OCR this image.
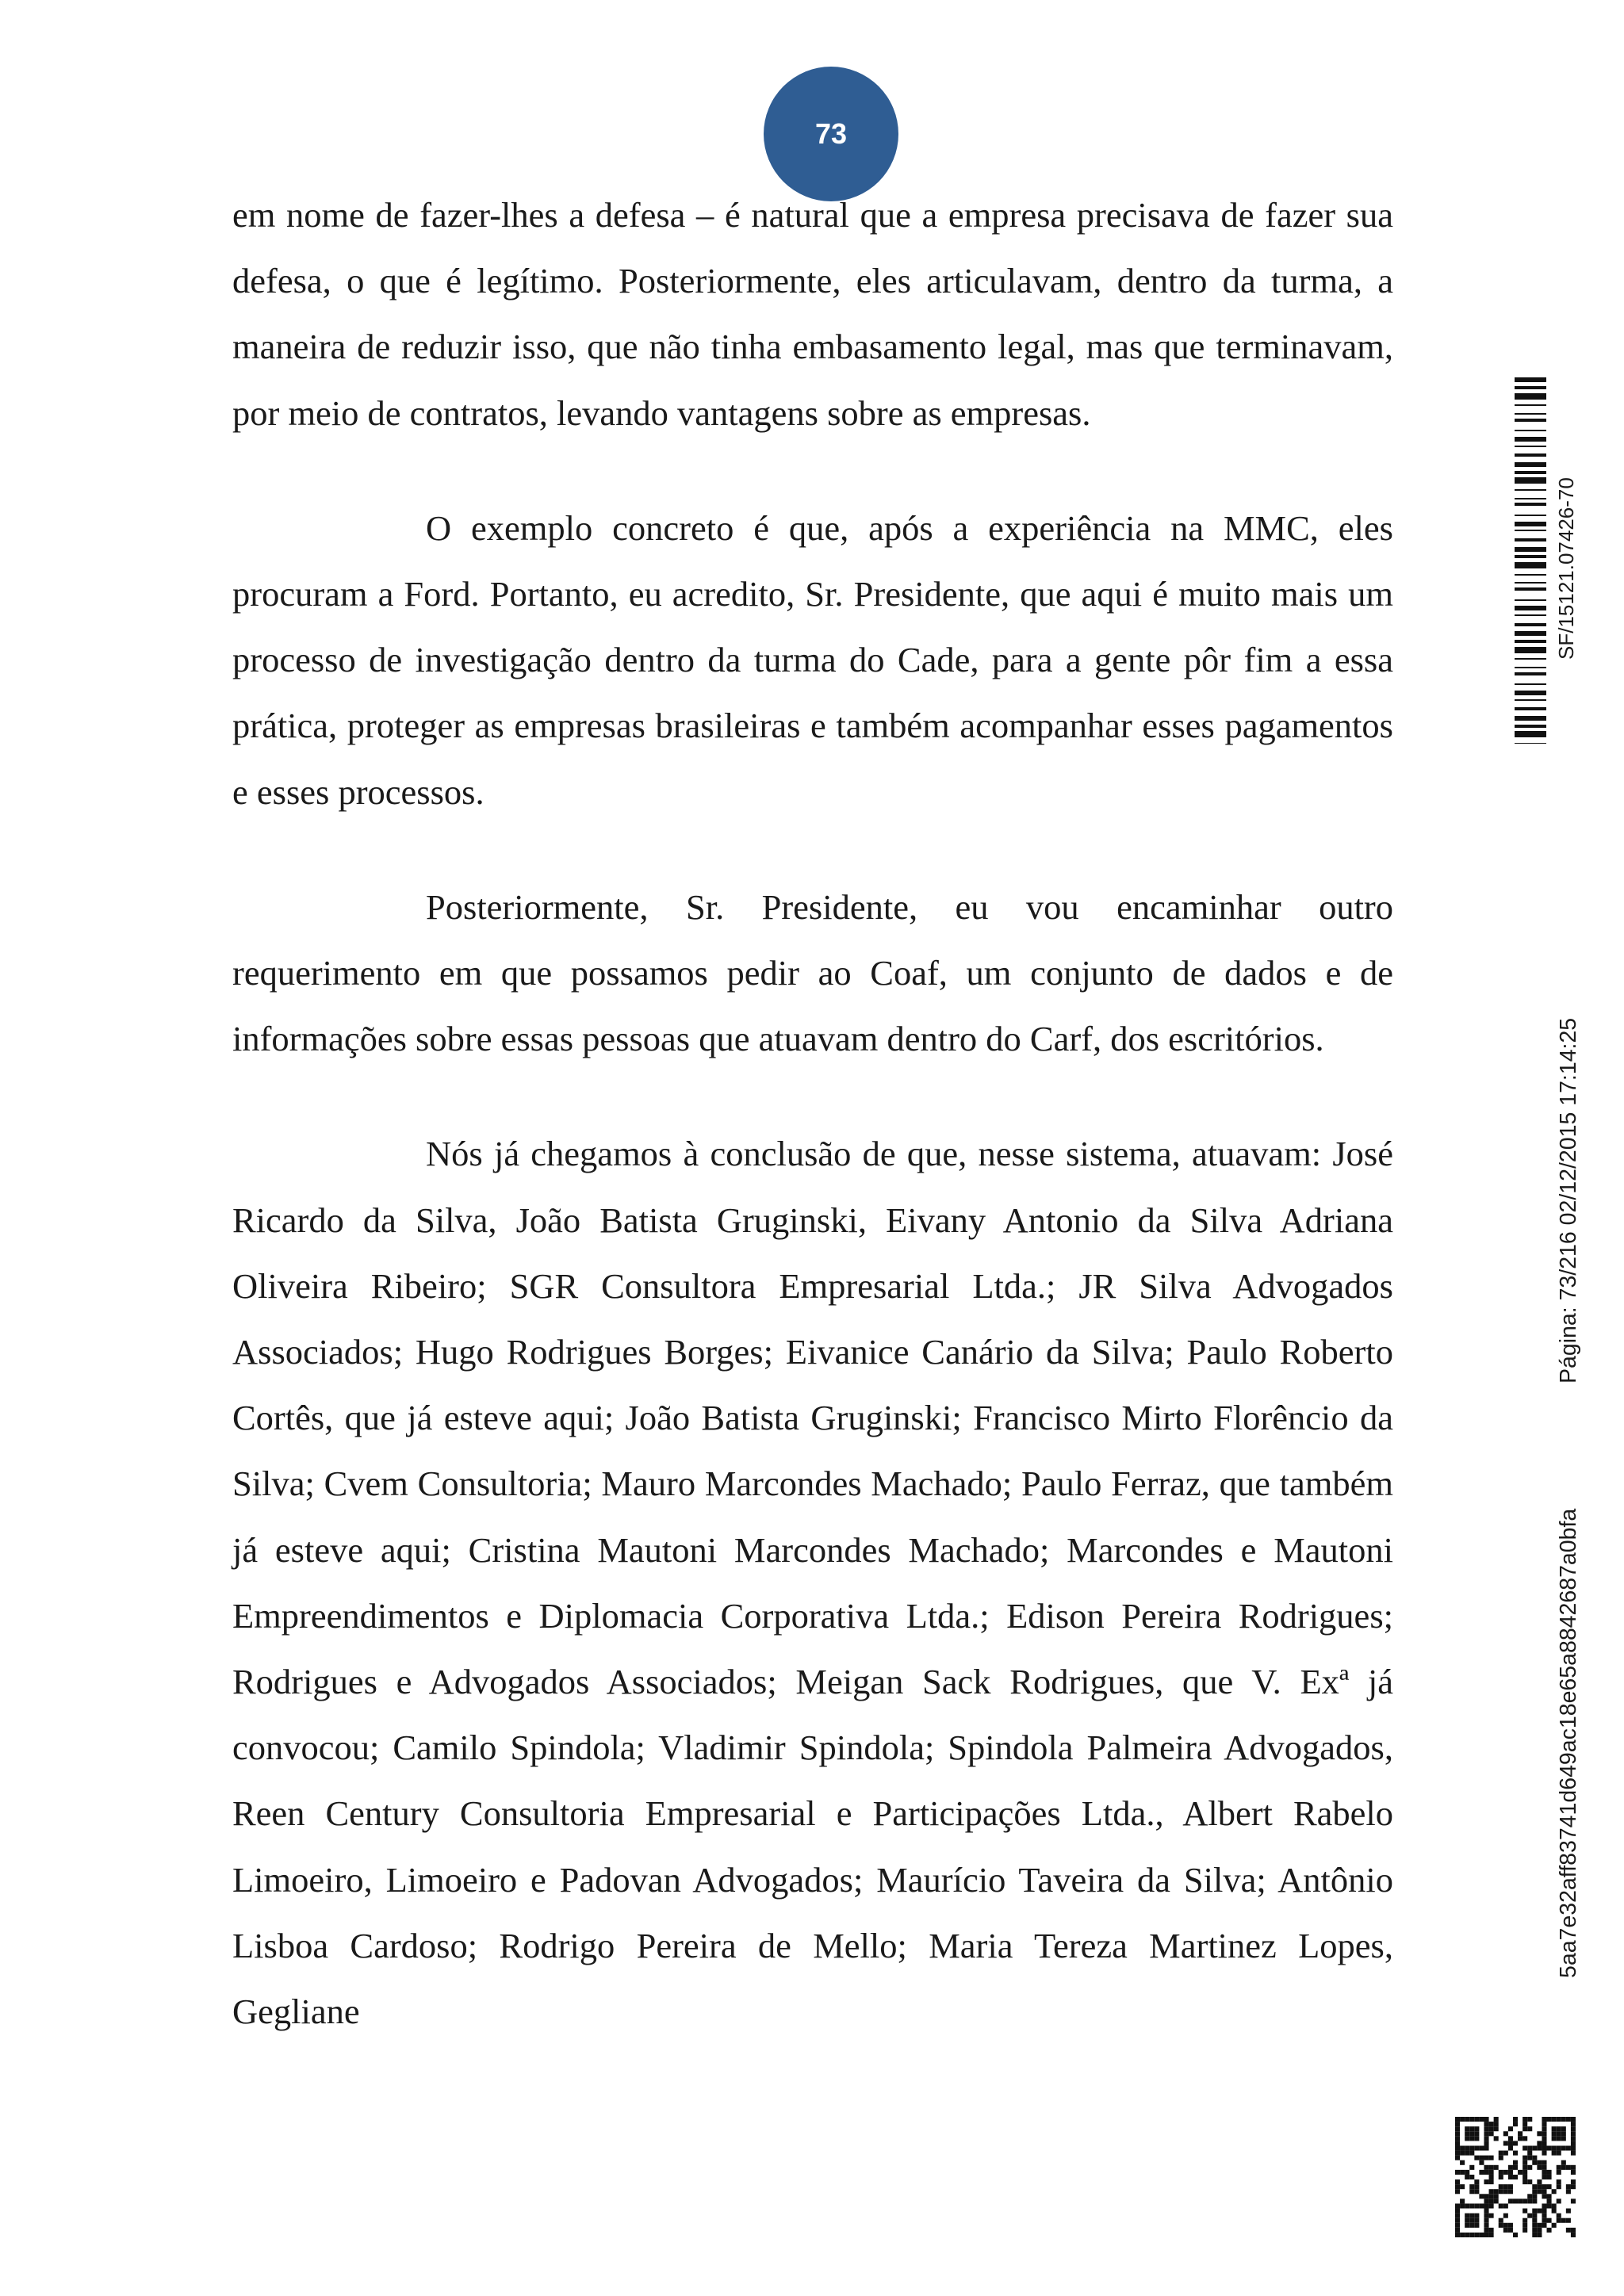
73

em nome de fazer-lhes a defesa – é natural que a empresa precisava de fazer sua defesa, o que é legítimo. Posteriormente, eles articulavam, dentro da turma, a maneira de reduzir isso, que não tinha embasamento legal, mas que terminavam, por meio de contratos, levando vantagens sobre as empresas.

O exemplo concreto é que, após a experiência na MMC, eles procuram a Ford. Portanto, eu acredito, Sr. Presidente, que aqui é muito mais um processo de investigação dentro da turma do Cade, para a gente pôr fim a essa prática, proteger as empresas brasileiras e também acompanhar esses pagamentos e esses processos.

Posteriormente, Sr. Presidente, eu vou encaminhar outro requerimento em que possamos pedir ao Coaf, um conjunto de dados e de informações sobre essas pessoas que atuavam dentro do Carf, dos escritórios.

Nós já chegamos à conclusão de que, nesse sistema, atuavam: José Ricardo da Silva, João Batista Gruginski, Eivany Antonio da Silva Adriana Oliveira Ribeiro; SGR Consultora Empresarial Ltda.; JR Silva Advogados Associados; Hugo Rodrigues Borges; Eivanice Canário da Silva; Paulo Roberto Cortês, que já esteve aqui; João Batista Gruginski; Francisco Mirto Florêncio da Silva; Cvem Consultoria; Mauro Marcondes Machado; Paulo Ferraz, que também já esteve aqui; Cristina Mautoni Marcondes Machado; Marcondes e Mautoni Empreendimentos e Diplomacia Corporativa Ltda.; Edison Pereira Rodrigues; Rodrigues e Advogados Associados; Meigan Sack Rodrigues, que V. Exª já convocou; Camilo Spindola; Vladimir Spindola; Spindola Palmeira Advogados, Reen Century Consultoria Empresarial e Participações Ltda., Albert Rabelo Limoeiro, Limoeiro e Padovan Advogados; Maurício Taveira da Silva; Antônio Lisboa Cardoso; Rodrigo Pereira de Mello; Maria Tereza Martinez Lopes, Gegliane

SF/15121.07426-70
Página: 73/216 02/12/2015 17:14:25
5aa7e32aff83741d649ac18e65a8842687a0bfa
